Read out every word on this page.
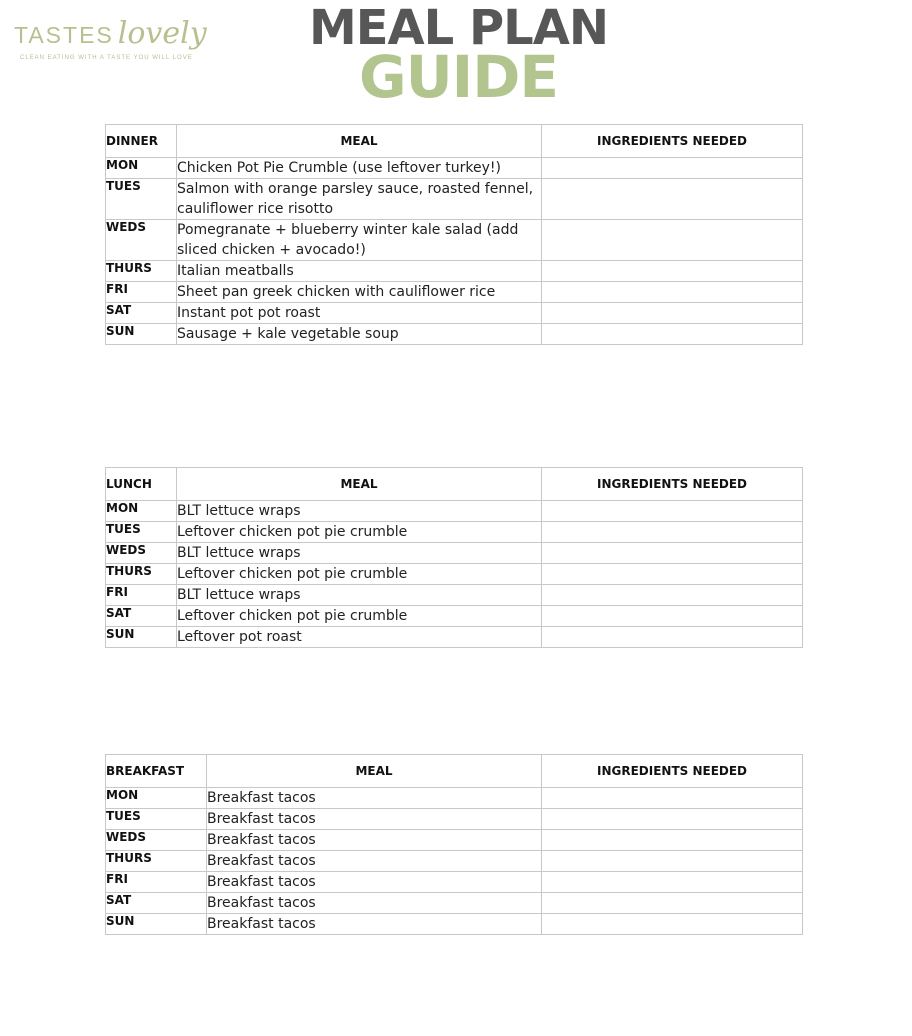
TASTES lovely
CLEAN EATING WITH A TASTE YOU WILL LOVE
MEAL PLAN
GUIDE
DINNER	MEAL	INGREDIENTS NEEDED
MON	Chicken Pot Pie Crumble (use leftover turkey!)	
TUES	Salmon with orange parsley sauce, roasted fennel, cauliflower rice risotto	
WEDS	Pomegranate + blueberry winter kale salad (add sliced chicken + avocado!)	
THURS	Italian meatballs	
FRI	Sheet pan greek chicken with cauliflower rice	
SAT	Instant pot pot roast	
SUN	Sausage + kale vegetable soup	
LUNCH	MEAL	INGREDIENTS NEEDED
MON	BLT lettuce wraps	
TUES	Leftover chicken pot pie crumble	
WEDS	BLT lettuce wraps	
THURS	Leftover chicken pot pie crumble	
FRI	BLT lettuce wraps	
SAT	Leftover chicken pot pie crumble	
SUN	Leftover pot roast	
BREAKFAST	MEAL	INGREDIENTS NEEDED
MON	Breakfast tacos	
TUES	Breakfast tacos	
WEDS	Breakfast tacos	
THURS	Breakfast tacos	
FRI	Breakfast tacos	
SAT	Breakfast tacos	
SUN	Breakfast tacos	
